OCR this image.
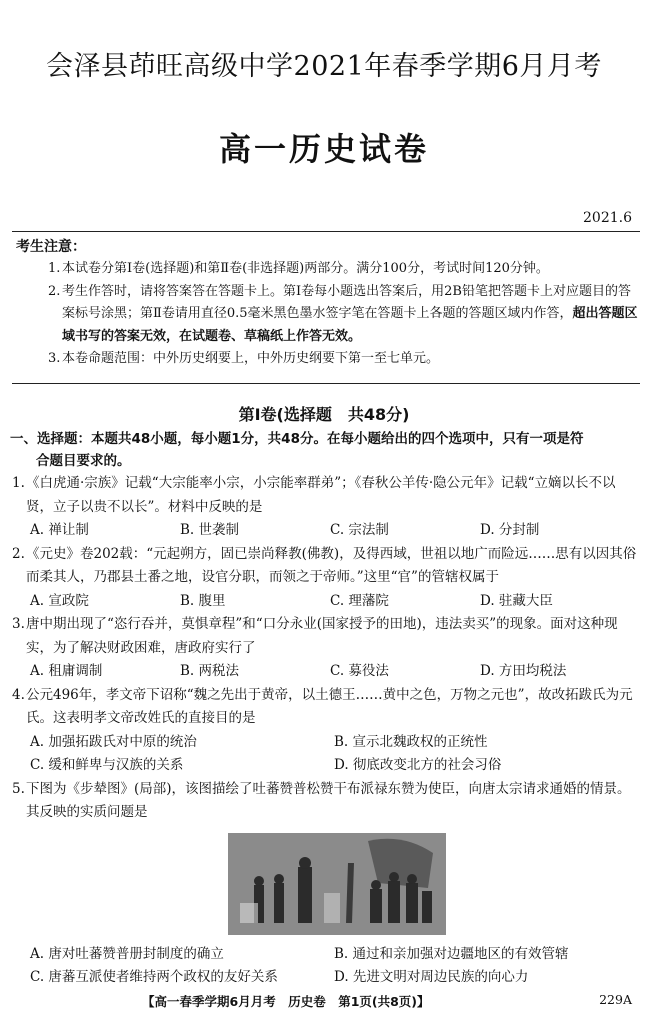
会泽县茚旺高级中学2021年春季学期6月月考
高一历史试卷
2021.6
考生注意：
1. 本试卷分第Ⅰ卷(选择题)和第Ⅱ卷(非选择题)两部分。满分100分，考试时间120分钟。
2. 考生作答时，请将答案答在答题卡上。第Ⅰ卷每小题选出答案后，用2B铅笔把答题卡上对应题目的答案标号涂黑；第Ⅱ卷请用直径0.5毫米黑色墨水签字笔在答题卡上各题的答题区域内作答，超出答题区域书写的答案无效，在试题卷、草稿纸上作答无效。
3. 本卷命题范围：中外历史纲要上，中外历史纲要下第一至七单元。
第Ⅰ卷(选择题　共48分)
一、选择题：本题共48小题，每小题1分，共48分。在每小题给出的四个选项中，只有一项是符
合题目要求的。
1. 《白虎通·宗族》记载“大宗能率小宗，小宗能率群弟”；《春秋公羊传·隐公元年》记载“立嫡以长不以贤，立子以贵不以长”。材料中反映的是
A. 禅让制	B. 世袭制	C. 宗法制	D. 分封制
2. 《元史》卷202载：“元起朔方，固已崇尚释教(佛教)，及得西域，世祖以地广而险远……思有以因其俗而柔其人，乃郡县土番之地，设官分职，而领之于帝师。”这里“官”的管辖权属于
A. 宣政院	B. 腹里	C. 理藩院	D. 驻藏大臣
3. 唐中期出现了“恣行吞并，莫惧章程”和“口分永业(国家授予的田地)，违法卖买”的现象。面对这种现实，为了解决财政困难，唐政府实行了
A. 租庸调制	B. 两税法	C. 募役法	D. 方田均税法
4. 公元496年，孝文帝下诏称“魏之先出于黄帝，以土德王……黄中之色，万物之元也”，故改拓跋氏为元氏。这表明孝文帝改姓氏的直接目的是
A. 加强拓跋氏对中原的统治	B. 宣示北魏政权的正统性
C. 缓和鲜卑与汉族的关系	D. 彻底改变北方的社会习俗
5. 下图为《步辇图》(局部)，该图描绘了吐蕃赞普松赞干布派禄东赞为使臣，向唐太宗请求通婚的情景。其反映的实质问题是
A. 唐对吐蕃赞普册封制度的确立	B. 通过和亲加强对边疆地区的有效管辖
C. 唐蕃互派使者维持两个政权的友好关系	D. 先进文明对周边民族的向心力
【高一春季学期6月月考　历史卷　第1页(共8页)】	229A
